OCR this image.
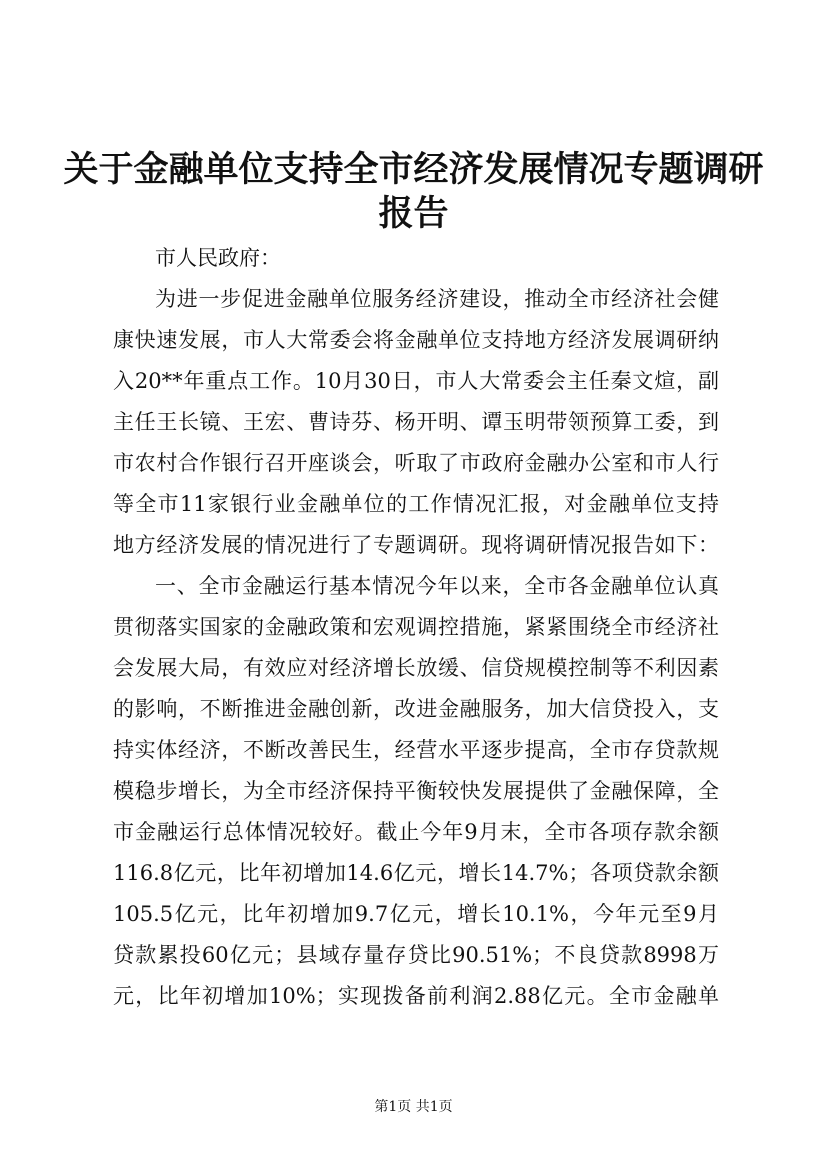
关于金融单位支持全市经济发展情况专题调研
报告
市人民政府：
为进一步促进金融单位服务经济建设，推动全市经济社会健
康快速发展，市人大常委会将金融单位支持地方经济发展调研纳
入20**年重点工作。10月30日，市人大常委会主任秦文煊，副
主任王长镜、王宏、曹诗芬、杨开明、谭玉明带领预算工委，到
市农村合作银行召开座谈会，听取了市政府金融办公室和市人行
等全市11家银行业金融单位的工作情况汇报，对金融单位支持
地方经济发展的情况进行了专题调研。现将调研情况报告如下：
一、全市金融运行基本情况今年以来，全市各金融单位认真
贯彻落实国家的金融政策和宏观调控措施，紧紧围绕全市经济社
会发展大局，有效应对经济增长放缓、信贷规模控制等不利因素
的影响，不断推进金融创新，改进金融服务，加大信贷投入，支
持实体经济，不断改善民生，经营水平逐步提高，全市存贷款规
模稳步增长，为全市经济保持平衡较快发展提供了金融保障，全
市金融运行总体情况较好。截止今年9月末，全市各项存款余额
116.8亿元，比年初增加14.6亿元，增长14.7%；各项贷款余额
105.5亿元，比年初增加9.7亿元，增长10.1%，今年元至9月
贷款累投60亿元；县域存量存贷比90.51%；不良贷款8998万
元，比年初增加10%；实现拨备前利润2.88亿元。全市金融单
第1页 共1页
